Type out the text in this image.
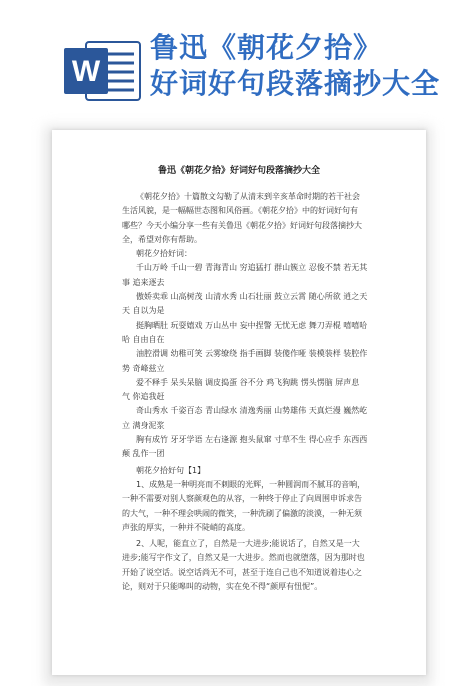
W
鲁迅《朝花夕拾》
好词好句段落摘抄大全
鲁迅《朝花夕拾》好词好句段落摘抄大全

《朝花夕拾》十篇散文勾勒了从清末到辛亥革命时期的若干社会

生活风貌，是一幅幅世态图和风俗画。《朝花夕拾》中的好词好句有

哪些？今天小编分享一些有关鲁迅《朝花夕拾》好词好句段落摘抄大

全，希望对你有帮助。

朝花夕拾好词：

千山万岭 千山一碧 青海青山 穷追猛打 群山簇立 忍俊不禁 若无其

事 追来逐去

傲娇卖乖 山高树茂 山清水秀 山石壮丽 鼓立云霄 随心所欲 逍之天

天 自以为是

挺胸晒肚 玩耍嬉戏 万山丛中 妄中捏警 无忧无虑 舞刀弄棍 嘻嘻哈

哈 自由自在

油腔滑调 幼稚可笑 云雾缭绕 指手画脚 装傻作哑 装模装样 装腔作

势 奇峰兹立

爱不释手 呆头呆脑 调皮捣蛋 谷不分 鸡飞狗跳 愣头愣脑 屏声息

气 你追我赶

奇山秀水 千姿百态 青山绿水 清逸秀丽 山势雄伟 天真烂漫 巍然屹

立 满身泥浆

胸有成竹 牙牙学语 左右逢源 抱头鼠窜 寸草不生 得心应手 东西西

颠 乱作一团

朝花夕拾好句【1】

1、成熟是一种明亮而不刺眼的光辉，一种圆润而不腻耳的音响，

一种不需要对别人察颜观色的从容，一种终于停止了向周围申诉求告

的大气，一种不理会哄闹的微笑，一种洗刷了偏激的淡漠，一种无须

声张的厚实，一种并不陡峭的高度。

2、人呢，能直立了，自然是一大进步;能说话了，自然又是一大

进步;能写字作文了，自然又是一大进步。然而也就堕落，因为那时也

开始了说空话。说空话尚无不可，甚至于连自己也不知道说着违心之

论，则对于只能嗥叫的动物，实在免不得“颜厚有忸怩”。
